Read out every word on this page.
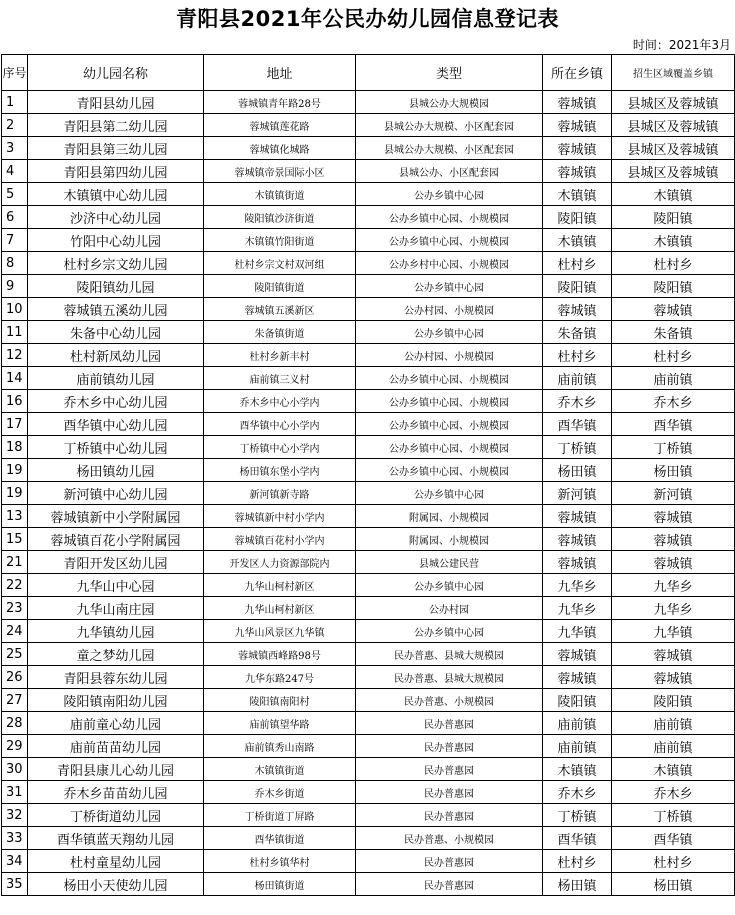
青阳县2021年公民办幼儿园信息登记表
时间：2021年3月
序号	幼儿园名称	地址	类型	所在乡镇	招生区域覆盖乡镇
1	青阳县幼儿园	蓉城镇青年路28号	县城公办大规模园	蓉城镇	县城区及蓉城镇
2	青阳县第二幼儿园	蓉城镇莲花路	县城公办大规模、小区配套园	蓉城镇	县城区及蓉城镇
3	青阳县第三幼儿园	蓉城镇化城路	县城公办大规模、小区配套园	蓉城镇	县城区及蓉城镇
4	青阳县第四幼儿园	蓉城镇帝景国际小区	县城公办、小区配套园	蓉城镇	县城区及蓉城镇
5	木镇镇中心幼儿园	木镇镇街道	公办乡镇中心园	木镇镇	木镇镇
6	沙济中心幼儿园	陵阳镇沙济街道	公办乡镇中心园、小规模园	陵阳镇	陵阳镇
7	竹阳中心幼儿园	木镇镇竹阳街道	公办乡镇中心园、小规模园	木镇镇	木镇镇
8	杜村乡宗文幼儿园	杜村乡宗文村双河组	公办乡村中心园、小规模园	杜村乡	杜村乡
9	陵阳镇幼儿园	陵阳镇街道	公办乡镇中心园	陵阳镇	陵阳镇
10	蓉城镇五溪幼儿园	蓉城镇五溪新区	公办村园、小规模园	蓉城镇	蓉城镇
11	朱备中心幼儿园	朱备镇街道	公办乡镇中心园	朱备镇	朱备镇
12	杜村新凤幼儿园	杜村乡新丰村	公办村园、小规模园	杜村乡	杜村乡
14	庙前镇幼儿园	庙前镇三义村	公办乡镇中心园、小规模园	庙前镇	庙前镇
16	乔木乡中心幼儿园	乔木乡中心小学内	公办乡镇中心园、小规模园	乔木乡	乔木乡
17	酉华镇中心幼儿园	酉华镇中心小学内	公办乡镇中心园、小规模园	酉华镇	酉华镇
18	丁桥镇中心幼儿园	丁桥镇中心小学内	公办乡镇中心园、小规模园	丁桥镇	丁桥镇
19	杨田镇幼儿园	杨田镇东堡小学内	公办乡镇中心园、小规模园	杨田镇	杨田镇
19	新河镇中心幼儿园	新河镇新寺路	公办乡镇中心园	新河镇	新河镇
13	蓉城镇新中小学附属园	蓉城镇新中村小学内	附属园、小规模园	蓉城镇	蓉城镇
15	蓉城镇百花小学附属园	蓉城镇百花村小学内	附属园、小规模园	蓉城镇	蓉城镇
21	青阳开发区幼儿园	开发区人力资源部院内	县城公建民营	蓉城镇	蓉城镇
22	九华山中心园	九华山柯村新区	公办乡镇中心园	九华乡	九华乡
23	九华山南庄园	九华山柯村新区	公办村园	九华乡	九华乡
24	九华镇幼儿园	九华山风景区九华镇	公办乡镇中心园	九华镇	九华镇
25	童之梦幼儿园	蓉城镇西峰路98号	民办普惠、县城大规模园	蓉城镇	蓉城镇
26	青阳县蓉东幼儿园	九华东路247号	民办普惠、县城大规模园	蓉城镇	蓉城镇
27	陵阳镇南阳幼儿园	陵阳镇南阳村	民办普惠、小规模园	陵阳镇	陵阳镇
28	庙前童心幼儿园	庙前镇望华路	民办普惠园	庙前镇	庙前镇
29	庙前苗苗幼儿园	庙前镇秀山南路	民办普惠园	庙前镇	庙前镇
30	青阳县康儿心幼儿园	木镇镇街道	民办普惠园	木镇镇	木镇镇
31	乔木乡苗苗幼儿园	乔木乡街道	民办普惠园	乔木乡	乔木乡
32	丁桥街道幼儿园	丁桥街道丁屏路	民办普惠园	丁桥镇	丁桥镇
33	酉华镇蓝天翔幼儿园	酉华镇街道	民办普惠、小规模园	酉华镇	酉华镇
34	杜村童星幼儿园	杜村乡镇华村	民办普惠园	杜村乡	杜村乡
35	杨田小天使幼儿园	杨田镇街道	民办普惠园	杨田镇	杨田镇
